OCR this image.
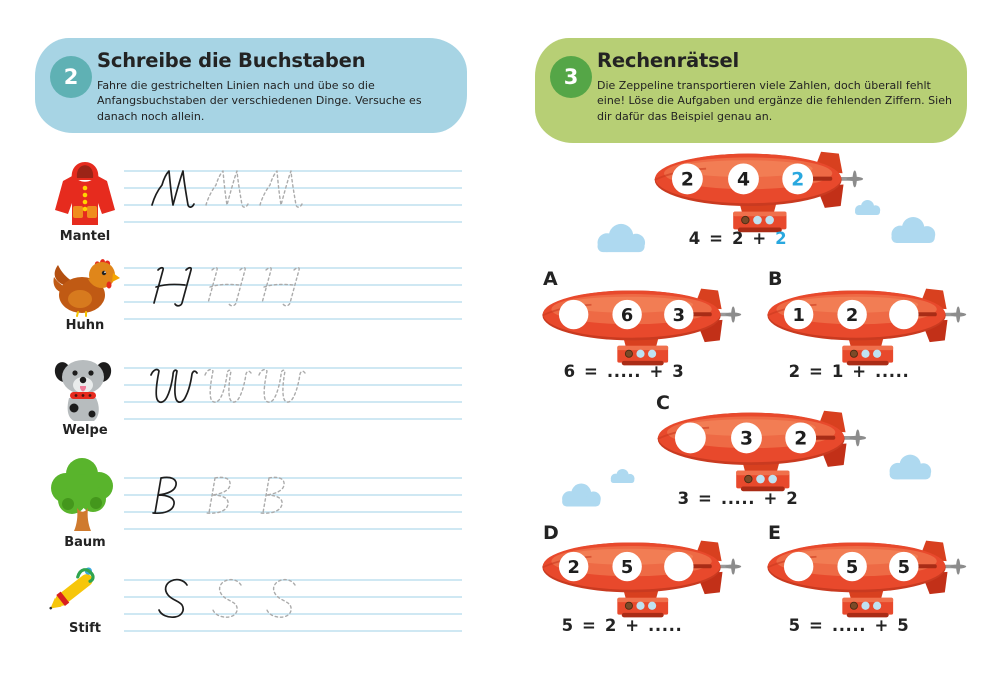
2
Schreibe die Buchstaben
Fahre die gestrichelten Linien nach und übe so die Anfangsbuchstaben der verschiedenen Dinge. Versuche es danach noch allein.
Mantel
Huhn
Welpe
Baum
Stift
3
Rechenrätsel
Die Zeppeline transportieren viele Zahlen, doch überall fehlt eine! Löse die Aufgaben und ergänze die fehlenden Ziffern. Sieh dir dafür das Beispiel genau an.
2 4 2
4 = 2 + 2
A
6 3
6 = ..... + 3
B
1 2
2 = 1 + .....
C
3 2
3 = ..... + 2
D
2 5
5 = 2 + .....
E
5 5
5 = ..... + 5
